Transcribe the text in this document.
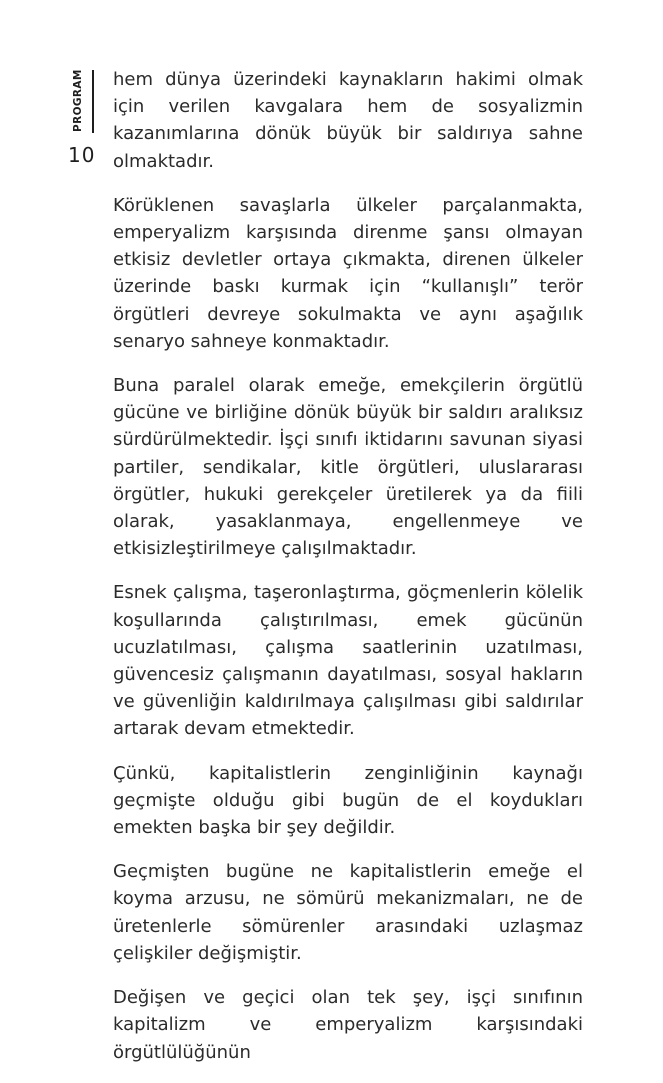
PROGRAM
10

hem dünya üzerindeki kaynakların hakimi olmak için verilen kavgalara hem de sosyalizmin kazanımlarına dönük büyük bir saldırıya sahne olmaktadır.

Körüklenen savaşlarla ülkeler parçalanmakta, emperyalizm karşısında direnme şansı olmayan etkisiz devletler ortaya çıkmakta, direnen ülkeler üzerinde baskı kurmak için “kullanışlı” terör örgütleri devreye sokulmakta ve aynı aşağılık senaryo sahneye konmaktadır.

Buna paralel olarak emeğe, emekçilerin örgütlü gücüne ve birliğine dönük büyük bir saldırı aralıksız sürdürülmektedir. İşçi sınıfı iktidarını savunan siyasi partiler, sendikalar, kitle örgütleri, uluslararası örgütler, hukuki gerekçeler üretilerek ya da fiili olarak, yasaklanmaya, engellenmeye ve etkisizleştirilmeye çalışılmaktadır.

Esnek çalışma, taşeronlaştırma, göçmenlerin kölelik koşullarında çalıştırılması, emek gücünün ucuzlatılması, çalışma saatlerinin uzatılması, güvencesiz çalışmanın dayatılması, sosyal hakların ve güvenliğin kaldırılmaya çalışılması gibi saldırılar artarak devam etmektedir.

Çünkü, kapitalistlerin zenginliğinin kaynağı geçmişte olduğu gibi bugün de el koydukları emekten başka bir şey değildir.

Geçmişten bugüne ne kapitalistlerin emeğe el koyma arzusu, ne sömürü mekanizmaları, ne de üretenlerle sömürenler arasındaki uzlaşmaz çelişkiler değişmiştir.

Değişen ve geçici olan tek şey, işçi sınıfının kapitalizm ve emperyalizm karşısındaki örgütlülüğünün
